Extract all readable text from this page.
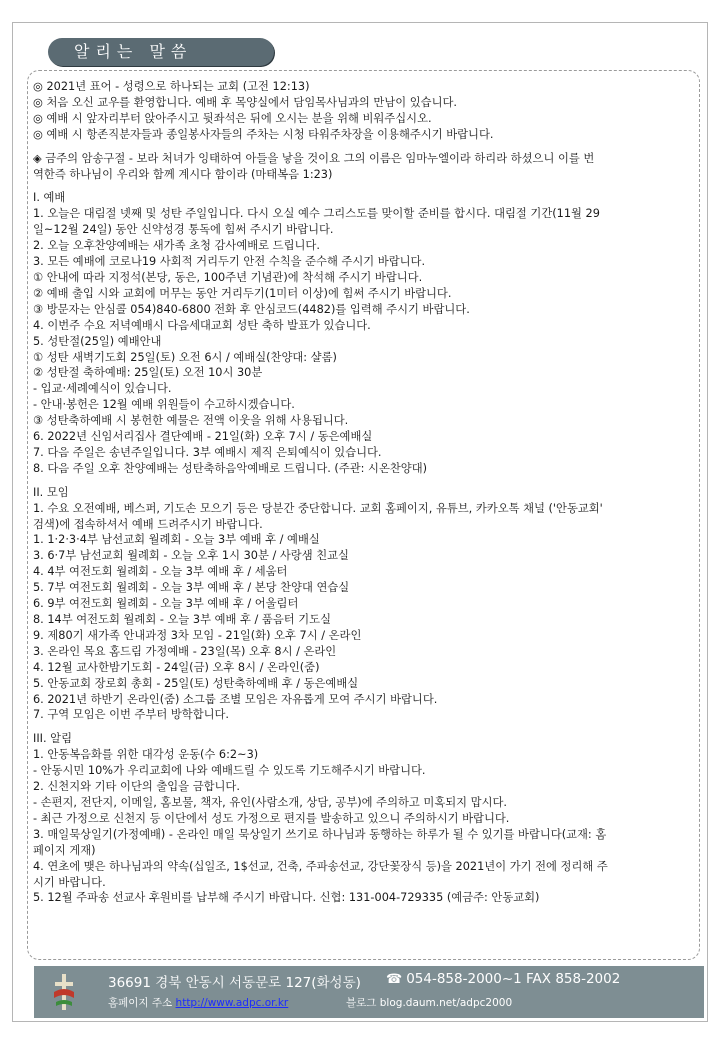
알리는 말씀
◎ 2021년 표어 - 성령으로 하나되는 교회 (고전 12:13)
◎ 처음 오신 교우를 환영합니다. 예배 후 목양실에서 담임목사님과의 만남이 있습니다.
◎ 예배 시 앞자리부터 앉아주시고 뒷좌석은 뒤에 오시는 분을 위해 비워주십시오.
◎ 예배 시 항존직분자들과 종일봉사자들의 주차는 시청 타워주차장을 이용해주시기 바랍니다.
◈ 금주의 암송구절 - 보라 처녀가 잉태하여 아들을 낳을 것이요 그의 이름은 임마누엘이라 하리라 하셨으니 이를 번
역한즉 하나님이 우리와 함께 계시다 함이라 (마태복음 1:23)
I. 예배
1. 오늘은 대림절 넷째 및 성탄 주일입니다. 다시 오실 예수 그리스도를 맞이할 준비를 합시다. 대림절 기간(11월 29
일~12월 24일) 동안 신약성경 통독에 힘써 주시기 바랍니다.
2. 오늘 오후찬양예배는 새가족 초청 감사예배로 드립니다.
3. 모든 예배에 코로나19 사회적 거리두기 안전 수칙을 준수해 주시기 바랍니다.
① 안내에 따라 지정석(본당, 동은, 100주년 기념관)에 착석해 주시기 바랍니다.
② 예배 출입 시와 교회에 머무는 동안 거리두기(1미터 이상)에 힘써 주시기 바랍니다.
③ 방문자는 안심콜 054)840-6800 전화 후 안심코드(4482)를 입력해 주시기 바랍니다.
4. 이번주 수요 저녁예배시 다음세대교회 성탄 축하 발표가 있습니다.
5. 성탄절(25일) 예배안내
① 성탄 새벽기도회 25일(토) 오전 6시 / 예배실(찬양대: 샬롬)
② 성탄절 축하예배: 25일(토) 오전 10시 30분
- 입교·세례예식이 있습니다.
- 안내·봉헌은 12월 예배 위원들이 수고하시겠습니다.
③ 성탄축하예배 시 봉헌한 예물은 전액 이웃을 위해 사용됩니다.
6. 2022년 신임서리집사 결단예배 - 21일(화) 오후 7시 / 동은예배실
7. 다음 주일은 송년주일입니다. 3부 예배시 제직 은퇴예식이 있습니다.
8. 다음 주일 오후 찬양예배는 성탄축하음악예배로 드립니다. (주관: 시온찬양대)
II. 모임
1. 수요 오전예배, 베스퍼, 기도손 모으기 등은 당분간 중단합니다. 교회 홈페이지, 유튜브, 카카오톡 채널 ('안동교회'
검색)에 접속하셔서 예배 드려주시기 바랍니다.
1. 1·2·3·4부 남선교회 월례회 - 오늘 3부 예배 후 / 예배실
3. 6·7부 남선교회 월례회 - 오늘 오후 1시 30분 / 사랑샘 친교실
4. 4부 여전도회 월례회 - 오늘 3부 예배 후 / 세움터
5. 7부 여전도회 월례회 - 오늘 3부 예배 후 / 본당 찬양대 연습실
6. 9부 여전도회 월례회 - 오늘 3부 예배 후 / 어울림터
8. 14부 여전도회 월례회 - 오늘 3부 예배 후 / 품음터 기도실
9. 제80기 새가족 안내과정 3차 모임 - 21일(화) 오후 7시 / 온라인
3. 온라인 목요 홈드림 가정예배 - 23일(목) 오후 8시 / 온라인
4. 12월 교사한밤기도회 - 24일(금) 오후 8시 / 온라인(줌)
5. 안동교회 장로회 총회 - 25일(토) 성탄축하예배 후 / 동은예배실
6. 2021년 하반기 온라인(줌) 소그룹 조별 모임은 자유롭게 모여 주시기 바랍니다.
7. 구역 모임은 이번 주부터 방학합니다.
III. 알림
1. 안동복음화를 위한 대각성 운동(수 6:2~3)
- 안동시민 10%가 우리교회에 나와 예배드릴 수 있도록 기도해주시기 바랍니다.
2. 신천지와 기타 이단의 출입을 금합니다.
- 손편지, 전단지, 이메일, 홈보물, 책자, 유인(사람소개, 상담, 공부)에 주의하고 미혹되지 맙시다.
- 최근 가정으로 신천지 등 이단에서 성도 가정으로 편지를 발송하고 있으니 주의하시기 바랍니다.
3. 매일묵상일기(가정예배) - 온라인 매일 묵상일기 쓰기로 하나님과 동행하는 하루가 될 수 있기를 바랍니다(교재: 홈
페이지 게재)
4. 연초에 맺은 하나님과의 약속(십일조, 1$선교, 건축, 주파송선교, 강단꽃장식 등)을 2021년이 가기 전에 정리해 주
시기 바랍니다.
5. 12월 주파송 선교사 후원비를 납부해 주시기 바랍니다. 신협: 131-004-729335 (예금주: 안동교회)
36691 경북 안동시 서동문로 127(화성동) ☎ 054-858-2000~1 FAX 858-2002
홈페이지 주소 http://www.adpc.or.kr	블로그 blog.daum.net/adpc2000
